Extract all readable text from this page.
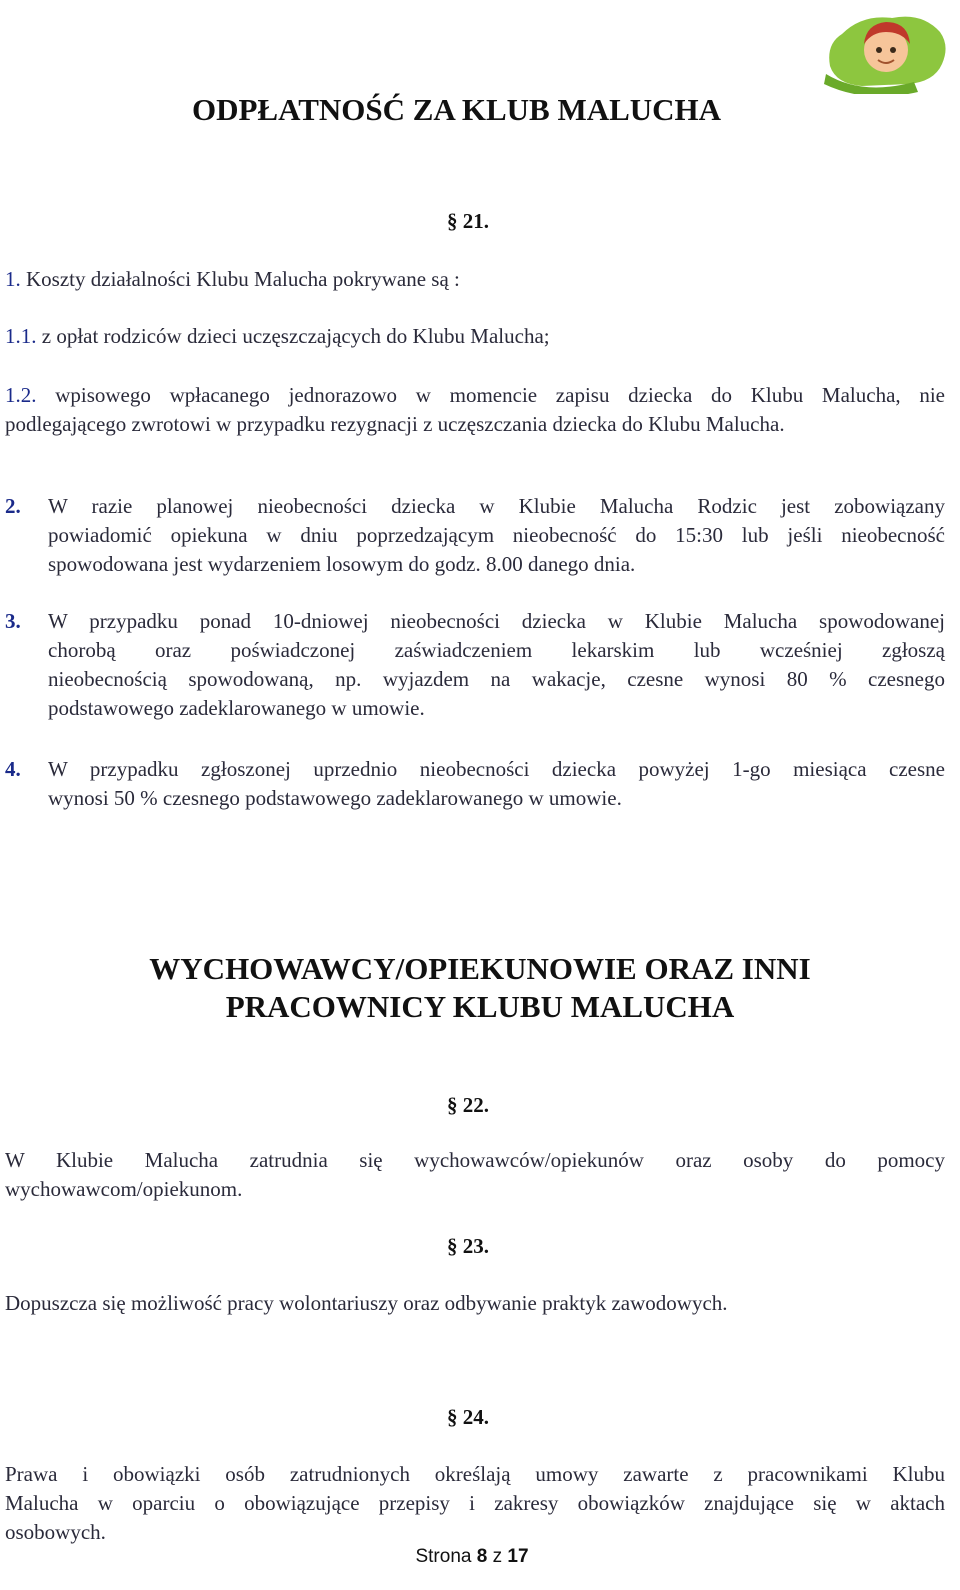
ODPŁATNOŚĆ ZA KLUB MALUCHA
§ 21.
1. Koszty działalności Klubu Malucha pokrywane są :
1.1. z opłat rodziców dzieci uczęszczających do Klubu Malucha;
1.2. wpisowego wpłacanego jednorazowo w momencie zapisu dziecka do Klubu Malucha, nie
podlegającego zwrotowi w przypadku rezygnacji z uczęszczania dziecka do Klubu Malucha.
2. W razie planowej nieobecności dziecka w Klubie Malucha Rodzic jest zobowiązany
powiadomić opiekuna w dniu poprzedzającym nieobecność do 15:30 lub jeśli nieobecność
spowodowana jest wydarzeniem losowym do godz. 8.00 danego dnia.
3. W przypadku ponad 10-dniowej nieobecności dziecka w Klubie Malucha spowodowanej
chorobą oraz poświadczonej zaświadczeniem lekarskim lub wcześniej zgłoszą
nieobecnością spowodowaną, np. wyjazdem na wakacje, czesne wynosi 80 % czesnego
podstawowego zadeklarowanego w umowie.
4. W przypadku zgłoszonej uprzednio nieobecności dziecka powyżej 1-go miesiąca czesne
wynosi 50 % czesnego podstawowego zadeklarowanego w umowie.
WYCHOWAWCY/OPIEKUNOWIE ORAZ INNI
PRACOWNICY KLUBU MALUCHA
§ 22.
W Klubie Malucha zatrudnia się wychowawców/opiekunów oraz osoby do pomocy
wychowawcom/opiekunom.
§ 23.
Dopuszcza się możliwość pracy wolontariuszy oraz odbywanie praktyk zawodowych.
§ 24.
Prawa i obowiązki osób zatrudnionych określają umowy zawarte z pracownikami Klubu
Malucha w oparciu o obowiązujące przepisy i zakresy obowiązków znajdujące się w aktach
osobowych.
Strona 8 z 17
